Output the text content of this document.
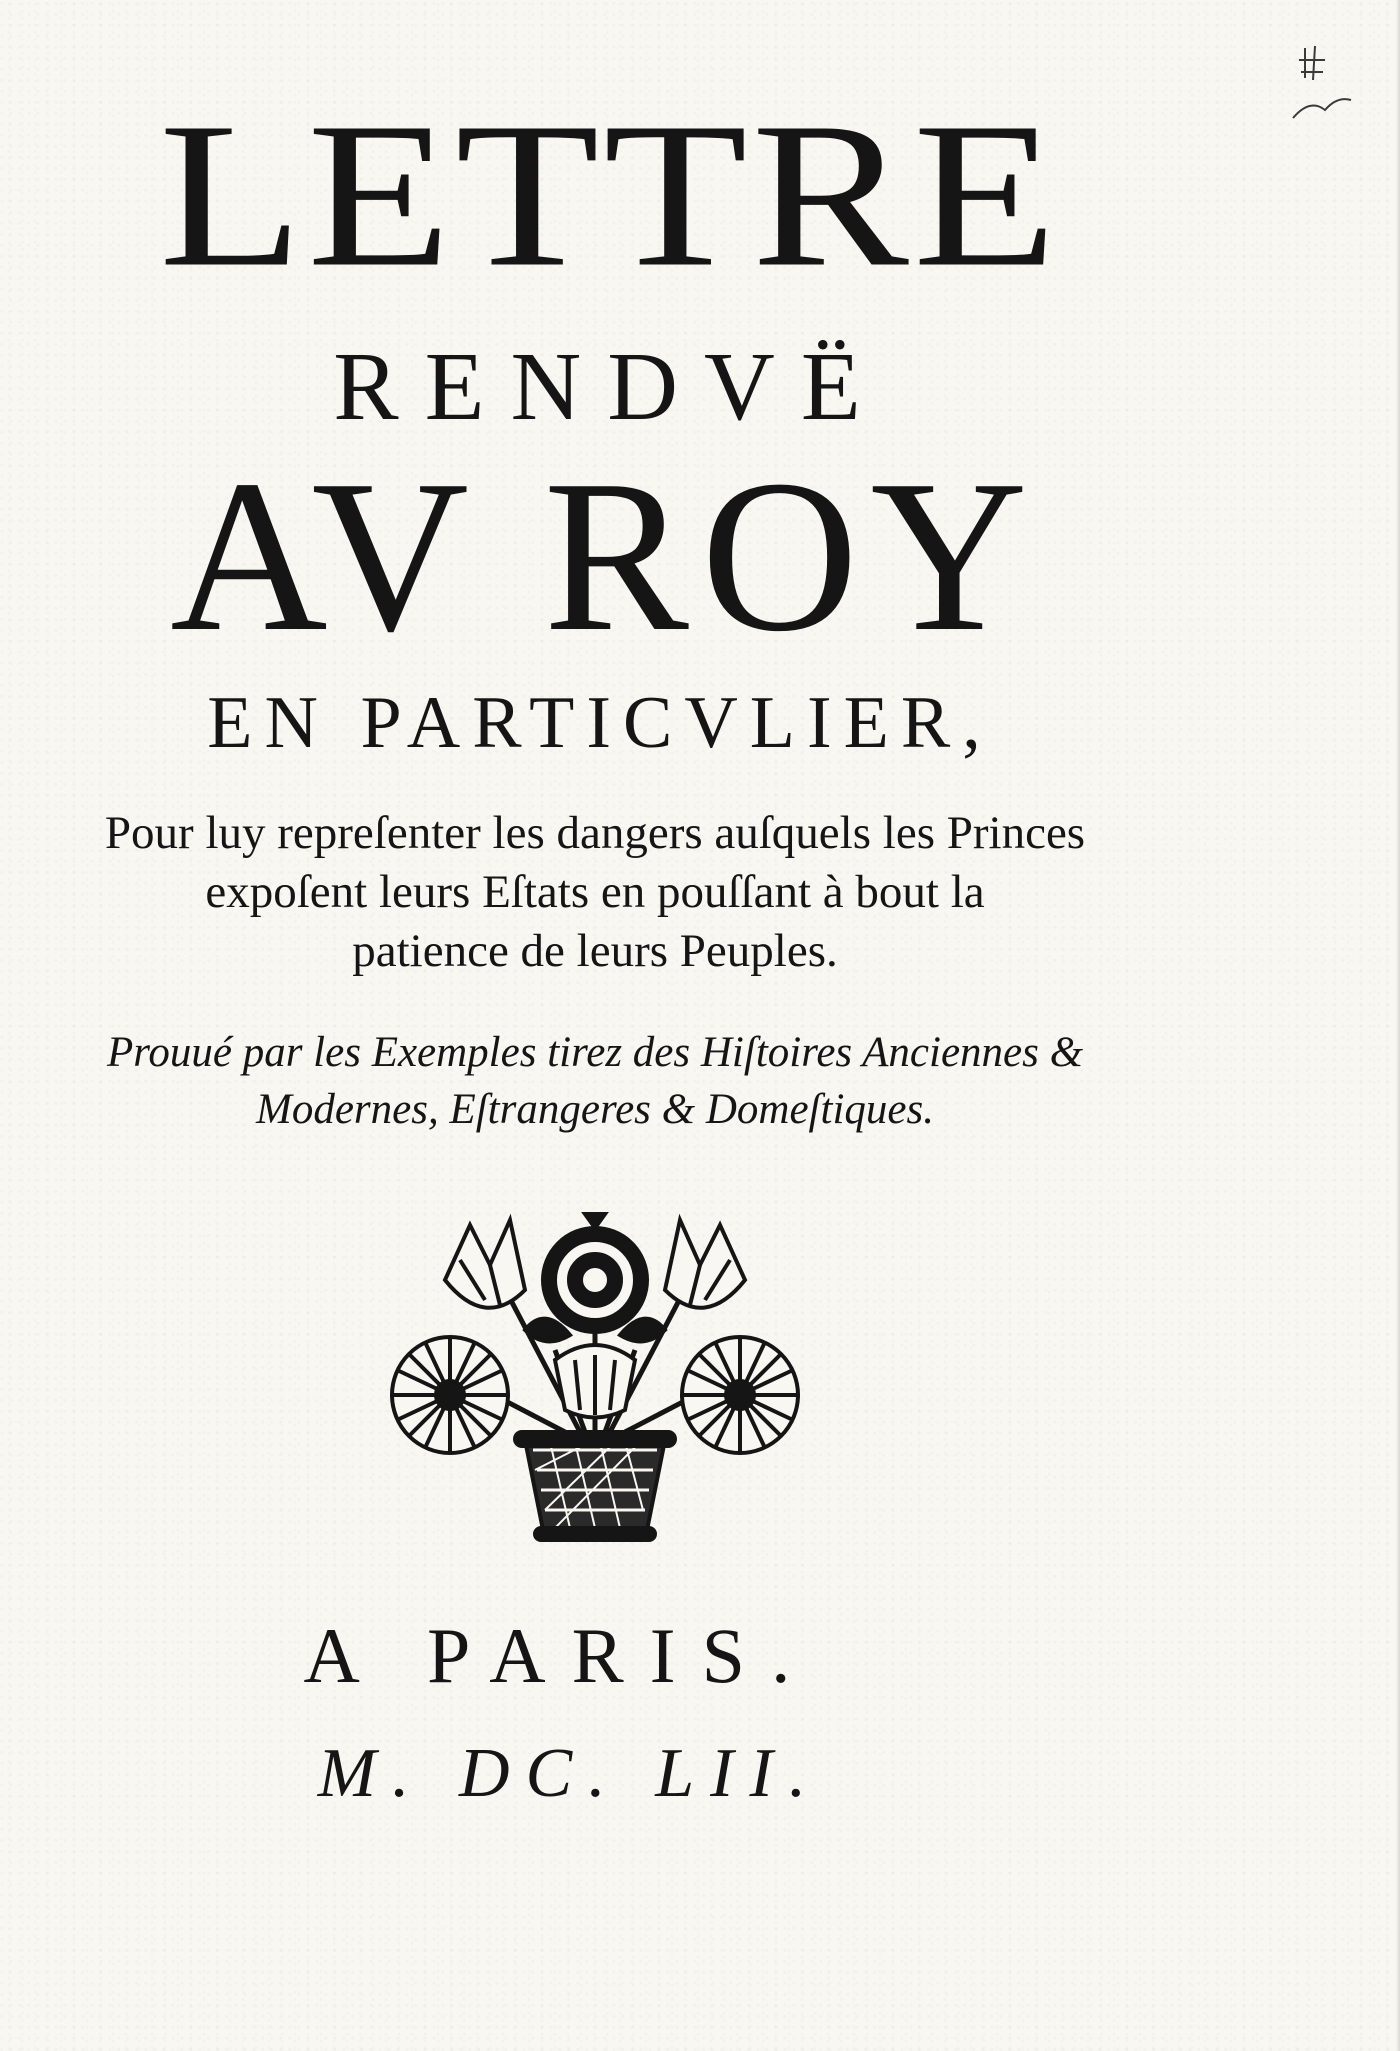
LETTRE
RENDVË
AV ROY
EN PARTICVLIER,
Pour luy repreſenter les dangers auſquels les Princes
expoſent leurs Eſtats en pouſſant à bout la
patience de leurs Peuples.
Prouué par les Exemples tirez des Hiſtoires Anciennes &
Modernes, Eſtrangeres & Domeſtiques.
A PARIS.
M. DC. LII.
